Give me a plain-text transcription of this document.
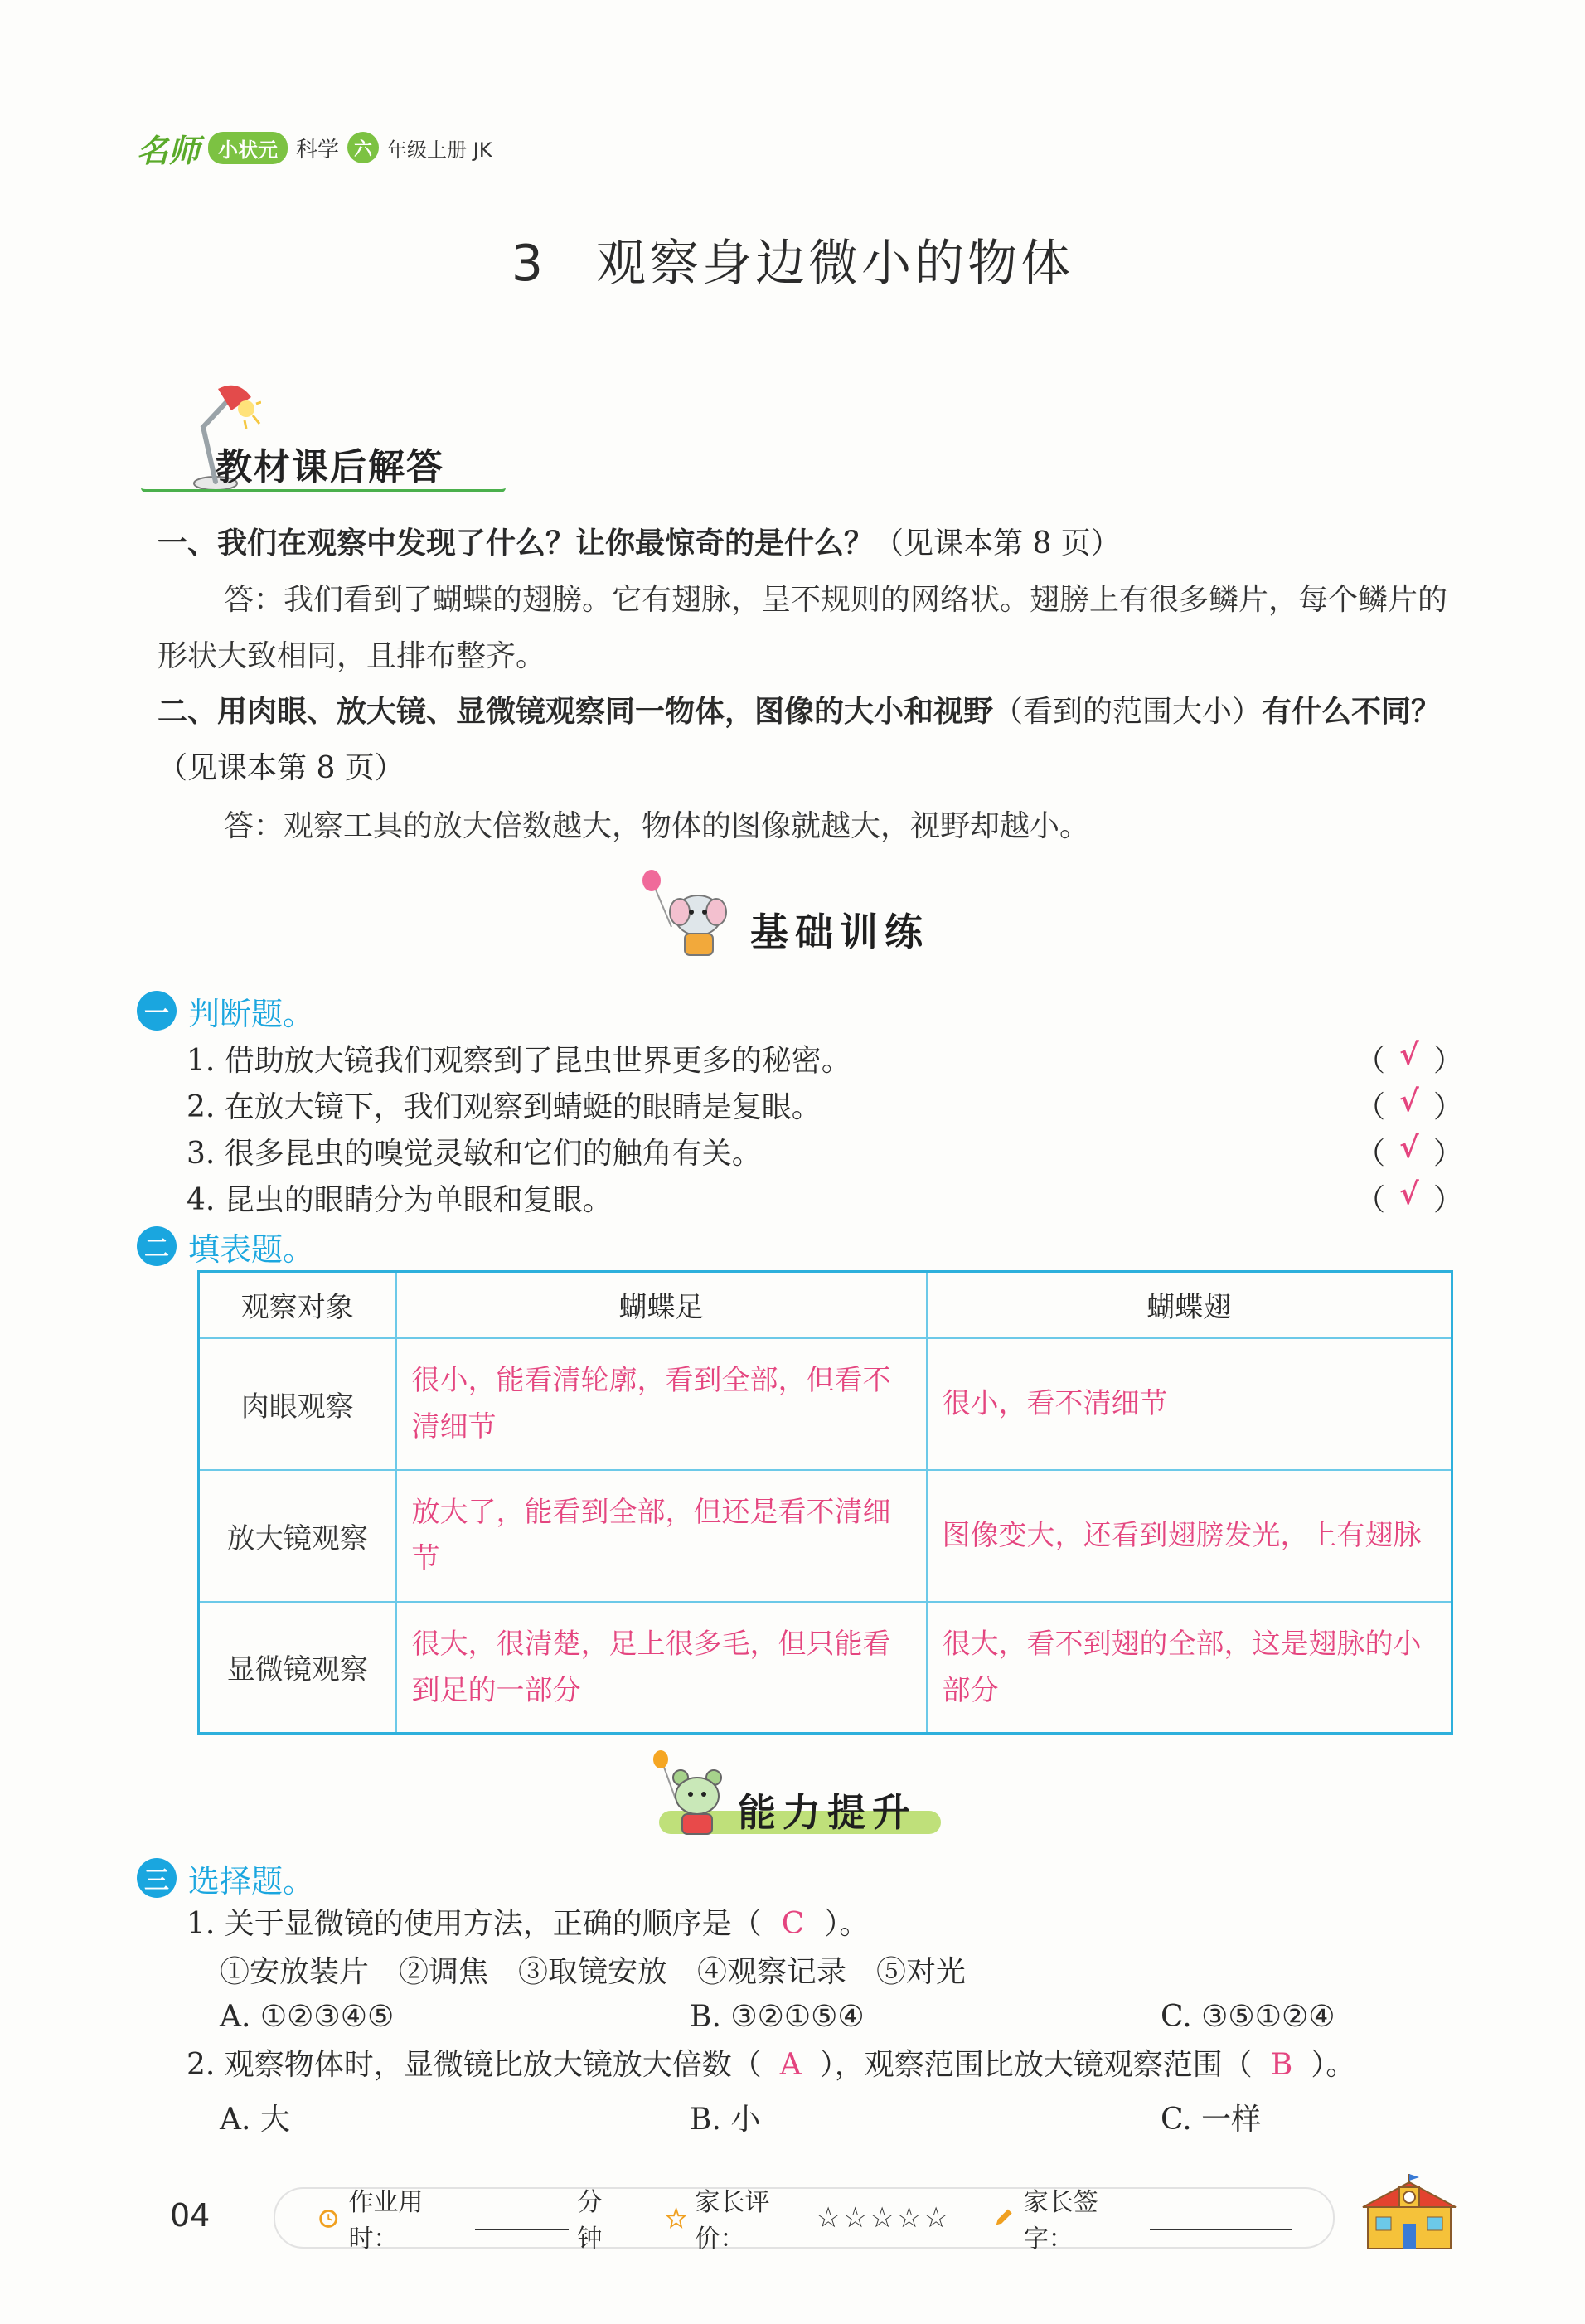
名师 小状元 科学 六 年级上册 JK
3 观察身边微小的物体
教材课后解答
一、我们在观察中发现了什么？让你最惊奇的是什么？（见课本第 8 页）
答：我们看到了蝴蝶的翅膀。它有翅脉，呈不规则的网络状。翅膀上有很多鳞片，每个鳞片的形状大致相同，且排布整齐。
二、用肉眼、放大镜、显微镜观察同一物体，图像的大小和视野（看到的范围大小）有什么不同？（见课本第 8 页）
答：观察工具的放大倍数越大，物体的图像就越大，视野却越小。
基础训练
一 判断题。
1. 借助放大镜我们观察到了昆虫世界更多的秘密。	（ √ ）
2. 在放大镜下，我们观察到蜻蜓的眼睛是复眼。	（ √ ）
3. 很多昆虫的嗅觉灵敏和它们的触角有关。	（ √ ）
4. 昆虫的眼睛分为单眼和复眼。	（ √ ）
二 填表题。
观察对象	蝴蝶足	蝴蝶翅
肉眼观察	很小，能看清轮廓，看到全部，但看不清细节	很小，看不清细节
放大镜观察	放大了，能看到全部，但还是看不清细节	图像变大，还看到翅膀发光，上有翅脉
显微镜观察	很大，很清楚，足上很多毛，但只能看到足的一部分	很大，看不到翅的全部，这是翅脉的小部分
能力提升
三 选择题。
1. 关于显微镜的使用方法，正确的顺序是（ C ）。
①安放装片　②调焦　③取镜安放　④观察记录　⑤对光
A. ①②③④⑤	B. ③②①⑤④	C. ③⑤①②④
2. 观察物体时，显微镜比放大镜放大倍数（ A ），观察范围比放大镜观察范围（ B ）。
A. 大	B. 小	C. 一样
04	作业用时：
分钟
家长评价：
☆☆☆☆☆	家长签字：
